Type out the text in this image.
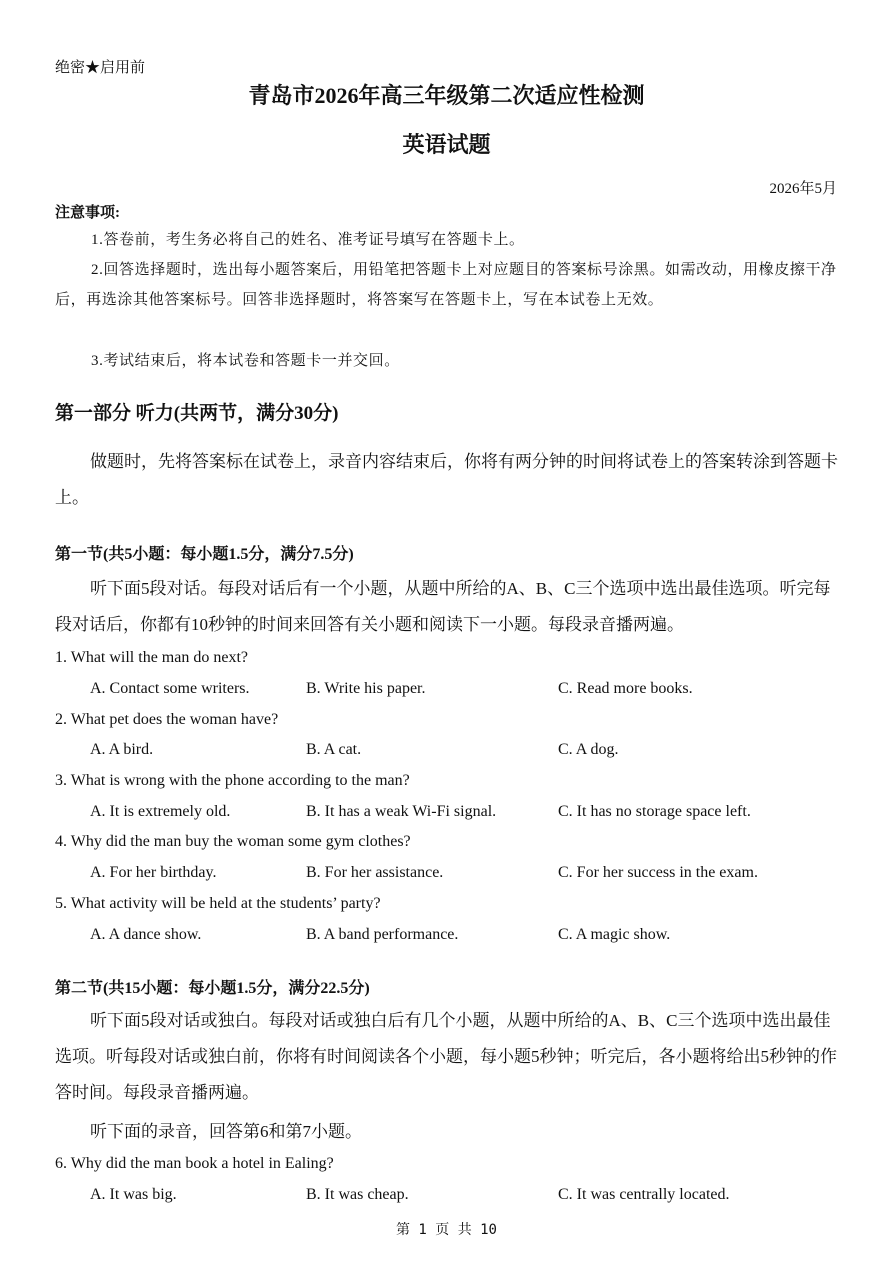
绝密★启用前
青岛市2026年高三年级第二次适应性检测
英语试题
2026年5月
注意事项:
1.答卷前，考生务必将自己的姓名、准考证号填写在答题卡上。
2.回答选择题时，选出每小题答案后，用铅笔把答题卡上对应题目的答案标号涂黑。如需改动，用橡皮擦干净后，再选涂其他答案标号。回答非选择题时，将答案写在答题卡上，写在本试卷上无效。
3.考试结束后，将本试卷和答题卡一并交回。
第一部分 听力(共两节，满分30分)
做题时，先将答案标在试卷上，录音内容结束后，你将有两分钟的时间将试卷上的答案转涂到答题卡上。
第一节(共5小题：每小题1.5分，满分7.5分)
听下面5段对话。每段对话后有一个小题，从题中所给的A、B、C三个选项中选出最佳选项。听完每段对话后，你都有10秒钟的时间来回答有关小题和阅读下一小题。每段录音播两遍。
1. What will the man do next?
A. Contact some writers.	B. Write his paper.	C. Read more books.
2. What pet does the woman have?
A. A bird.	B. A cat.	C. A dog.
3. What is wrong with the phone according to the man?
A. It is extremely old.	B. It has a weak Wi-Fi signal.	C. It has no storage space left.
4. Why did the man buy the woman some gym clothes?
A. For her birthday.	B. For her assistance.	C. For her success in the exam.
5. What activity will be held at the students’ party?
A. A dance show.	B. A band performance.	C. A magic show.
第二节(共15小题：每小题1.5分，满分22.5分)
听下面5段对话或独白。每段对话或独白后有几个小题，从题中所给的A、B、C三个选项中选出最佳选项。听每段对话或独白前，你将有时间阅读各个小题，每小题5秒钟；听完后，各小题将给出5秒钟的作答时间。每段录音播两遍。
听下面的录音，回答第6和第7小题。
6. Why did the man book a hotel in Ealing?
A. It was big.	B. It was cheap.	C. It was centrally located.
第 1 页 共 10
